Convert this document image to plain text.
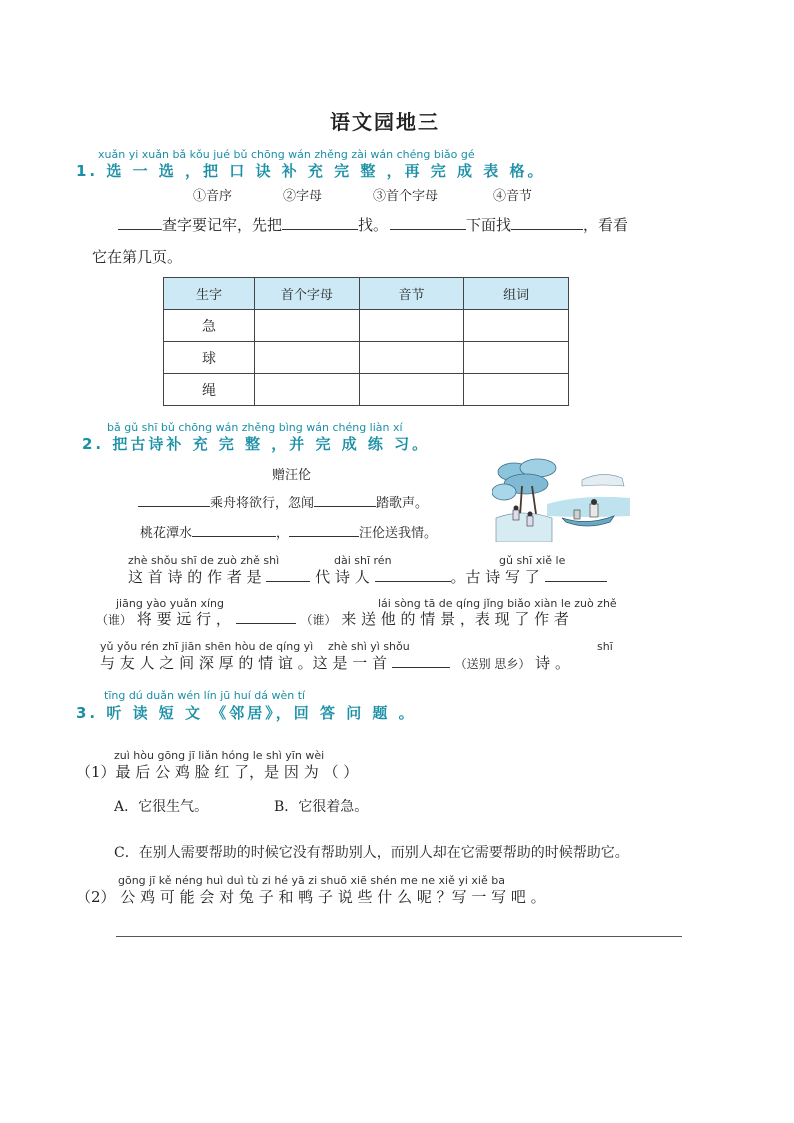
语文园地三
xuǎn yi xuǎn bǎ kǒu jué bǔ chōng wán zhěng zài wán chéng biǎo gé
1. 选 一 选 ，把 口 诀 补 充 完 整 ，再 完 成 表 格。
①音序	②字母	③首个字母	④音节
查字要记牢，先把	找。	下面找	，看看
它在第几页。
生字	首个字母	音节	组词
急			
球			
绳			
bǎ gǔ shī bǔ chōng wán zhěng bìng wán chéng liàn xí
2. 把古诗补 充 完 整 ，并 完 成 练 习。
赠汪伦
乘舟将欲行，忽闻	踏歌声。
桃花潭水	，	汪伦送我情。
zhè shǒu shī de zuò zhě shì	dài shī rén	gǔ shī xiě le
这 首 诗 的 作 者 是	代 诗 人	。古 诗 写 了
jiāng yào yuǎn xíng	lái sòng tā de qíng jǐng biǎo xiàn le zuò zhě
（谁） 将 要 远 行 ，	（谁） 来 送 他 的 情 景 ，表 现 了 作 者
yǔ yǒu rén zhī jiān shēn hòu de qíng yì zhè shì yì shǒu	shī
与 友 人 之 间 深 厚 的 情 谊 。这 是 一 首	（送别 思乡） 诗 。
tīng dú duǎn wén lín jū huí dá wèn tí
3. 听 读 短 文 《邻居》，回 答 问 题 。
zuì hòu gōng jī liǎn hóng le shì yīn wèi
（1）最 后 公 鸡 脸 红 了，是 因 为 （ ）
A．它很生气。	B．它很着急。
C．在别人需要帮助的时候它没有帮助别人，而别人却在它需要帮助的时候帮助它。
gōng jī kě néng huì duì tù zi hé yā zi shuō xiē shén me ne xiě yi xiě ba
（2） 公 鸡 可 能 会 对 兔 子 和 鸭 子 说 些 什 么 呢 ？写 一 写 吧 。
